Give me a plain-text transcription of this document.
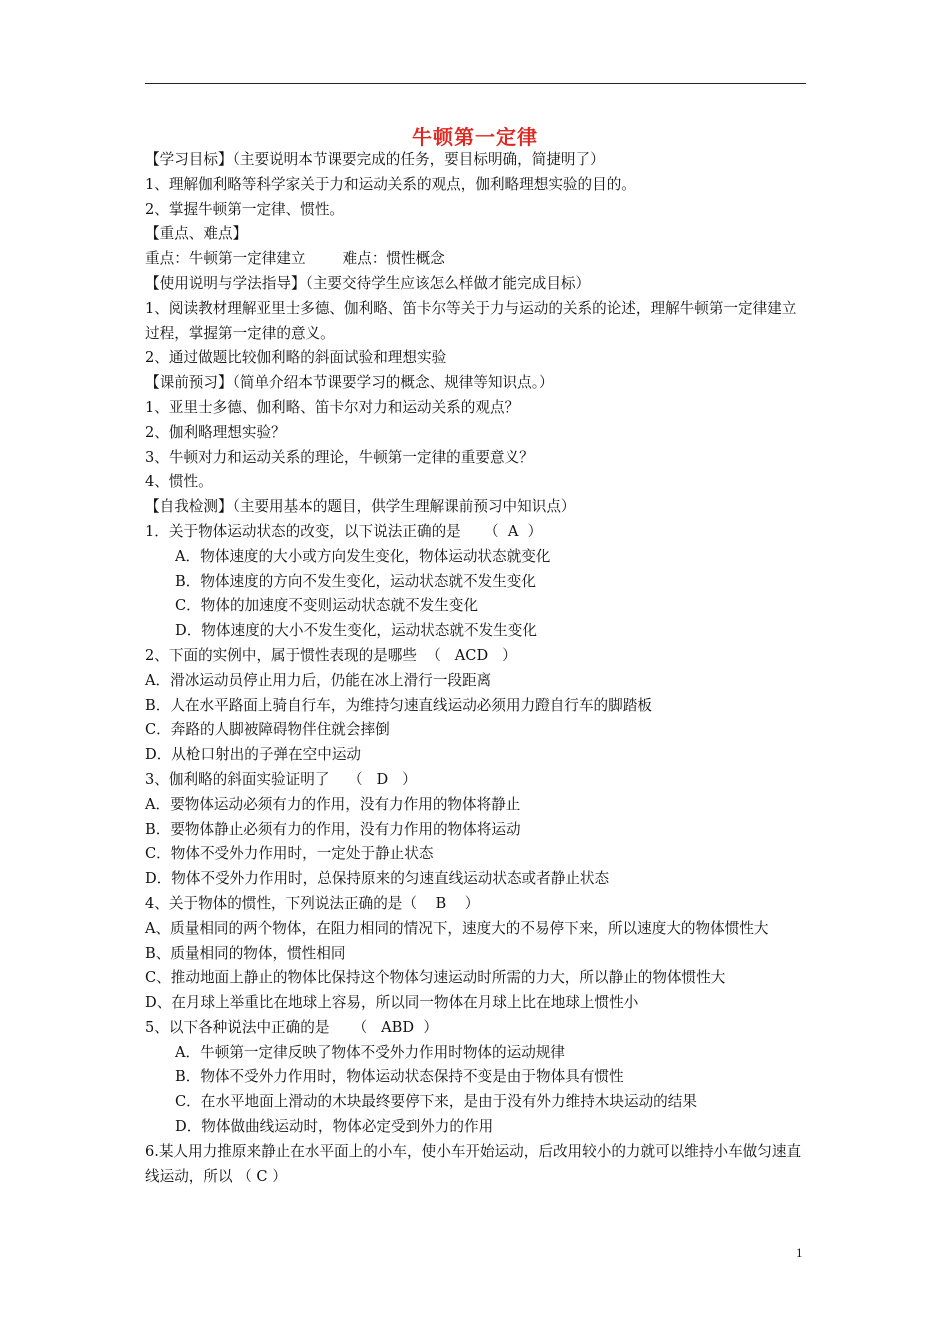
牛顿第一定律
【学习目标】（主要说明本节课要完成的任务，要目标明确，简捷明了）
1、理解伽利略等科学家关于力和运动关系的观点，伽利略理想实验的目的。
2、掌握牛顿第一定律、惯性。
【重点、难点】
重点：牛顿第一定律建立        难点：惯性概念
【使用说明与学法指导】（主要交待学生应该怎么样做才能完成目标）
1、阅读教材理解亚里士多德、伽利略、笛卡尔等关于力与运动的关系的论述，理解牛顿第一定律建立过程，掌握第一定律的意义。
2、通过做题比较伽利略的斜面试验和理想实验
【课前预习】（简单介绍本节课要学习的概念、规律等知识点。）
1、亚里士多德、伽利略、笛卡尔对力和运动关系的观点？
2、伽利略理想实验？
3、牛顿对力和运动关系的理论，牛顿第一定律的重要意义？
4、惯性。
【自我检测】（主要用基本的题目，供学生理解课前预习中知识点）
1．关于物体运动状态的改变，以下说法正确的是     （  A  ）
A．物体速度的大小或方向发生变化，物体运动状态就变化
B．物体速度的方向不发生变化，运动状态就不发生变化
C．物体的加速度不变则运动状态就不发生变化
D．物体速度的大小不发生变化，运动状态就不发生变化
2、下面的实例中，属于惯性表现的是哪些  （   ACD   ）
A．滑冰运动员停止用力后，仍能在冰上滑行一段距离
B．人在水平路面上骑自行车，为维持匀速直线运动必须用力蹬自行车的脚踏板
C．奔路的人脚被障碍物伴住就会摔倒
D．从枪口射出的子弹在空中运动
3、伽利略的斜面实验证明了    （   D   ）
A．要物体运动必须有力的作用，没有力作用的物体将静止
B．要物体静止必须有力的作用，没有力作用的物体将运动
C．物体不受外力作用时，一定处于静止状态
D．物体不受外力作用时，总保持原来的匀速直线运动状态或者静止状态
4、关于物体的惯性，下列说法正确的是（    B    ）
A、质量相同的两个物体，在阻力相同的情况下，速度大的不易停下来，所以速度大的物体惯性大
B、质量相同的物体，惯性相同
C、推动地面上静止的物体比保持这个物体匀速运动时所需的力大，所以静止的物体惯性大
D、在月球上举重比在地球上容易，所以同一物体在月球上比在地球上惯性小
5、以下各种说法中正确的是     （   ABD  ）
A．牛顿第一定律反映了物体不受外力作用时物体的运动规律
B．物体不受外力作用时，物体运动状态保持不变是由于物体具有惯性
C．在水平地面上滑动的木块最终要停下来，是由于没有外力维持木块运动的结果
D．物体做曲线运动时，物体必定受到外力的作用
6.某人用力推原来静止在水平面上的小车，使小车开始运动，后改用较小的力就可以维持小车做匀速直线运动，所以 （ C ）
1
